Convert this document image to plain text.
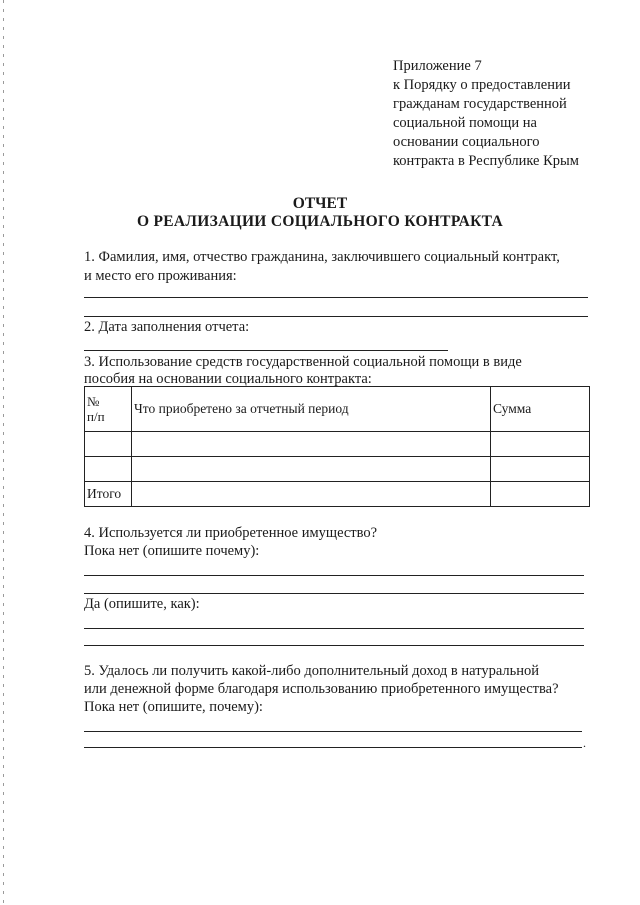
Приложение 7
к Порядку о предоставлении
гражданам государственной
социальной помощи на
основании социального
контракта в Республике Крым
ОТЧЕТ
О РЕАЛИЗАЦИИ СОЦИАЛЬНОГО КОНТРАКТА
1. Фамилия, имя, отчество гражданина, заключившего социальный контракт,
и место его проживания:
2. Дата заполнения отчета:
3. Использование средств государственной социальной помощи в виде
пособия на основании социального контракта:
№
п/п	Что приобретено за отчетный период	Сумма

Итого		
4. Используется ли приобретенное имущество?
Пока нет (опишите почему):
Да (опишите, как):
5. Удалось ли получить какой-либо дополнительный доход в натуральной
или денежной форме благодаря использованию приобретенного имущества?
Пока нет (опишите, почему):
.
